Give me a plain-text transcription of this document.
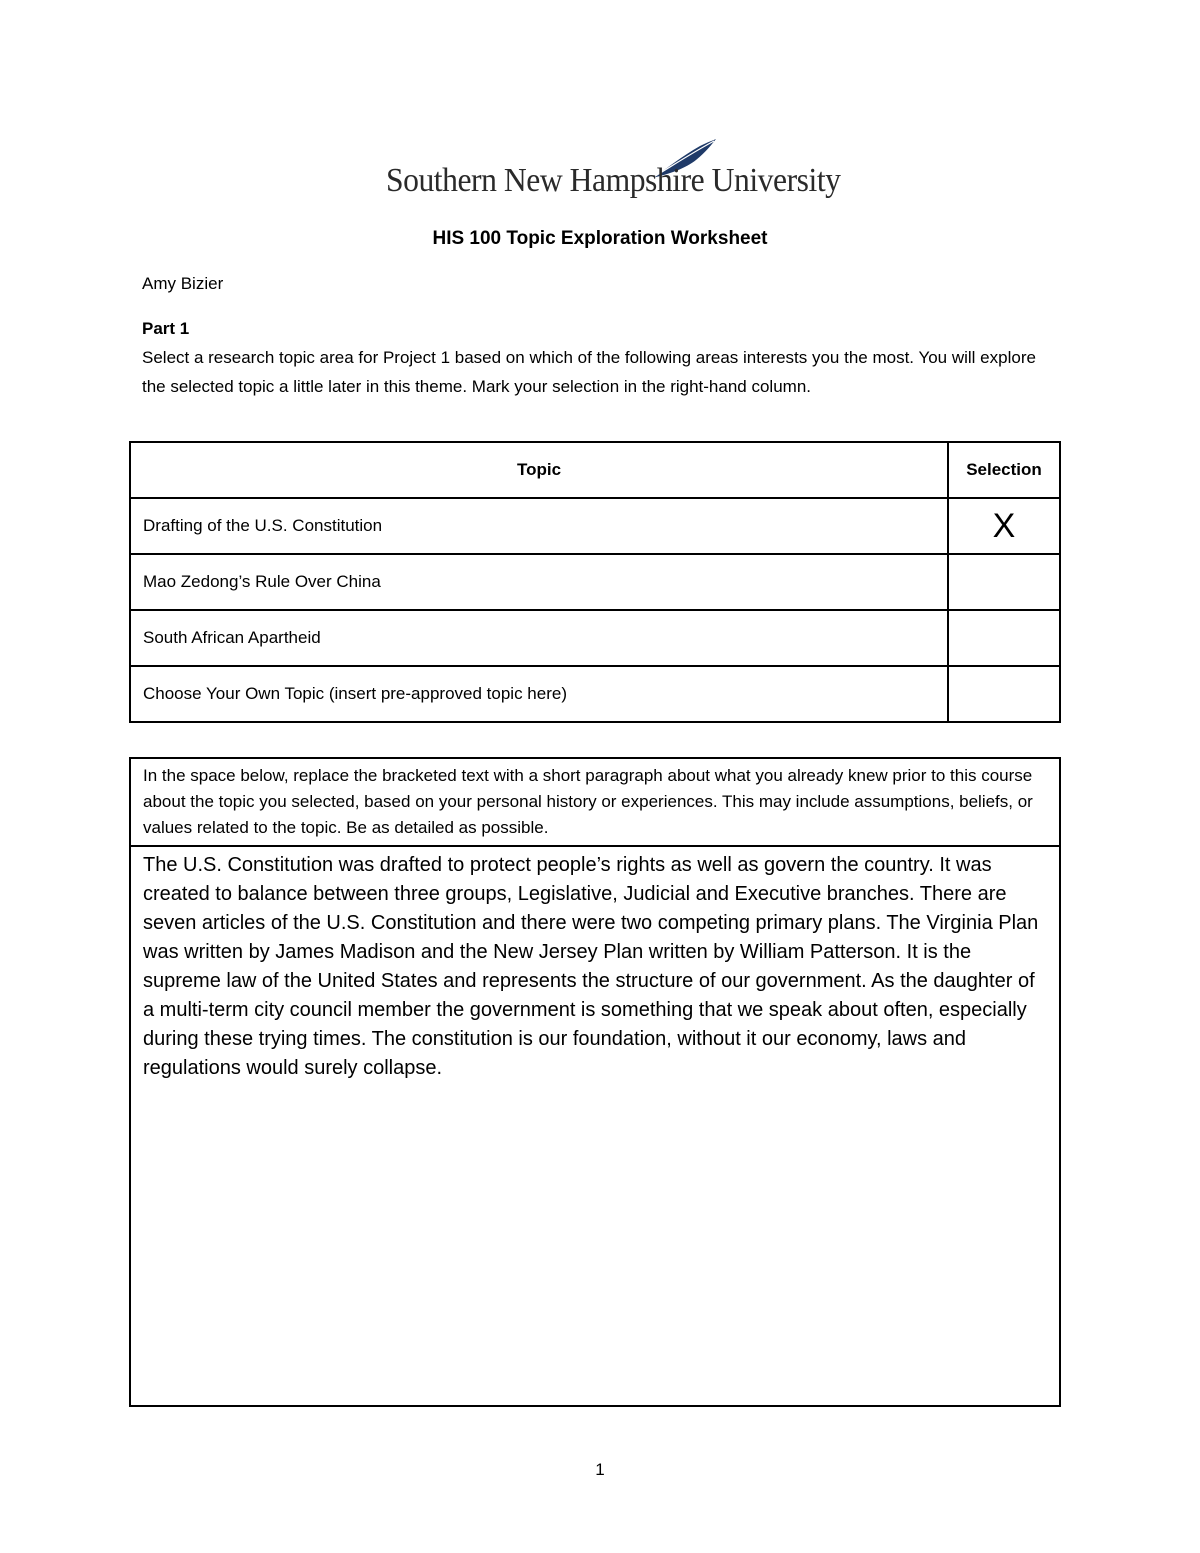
Southern New Hampshire University
HIS 100 Topic Exploration Worksheet
Amy Bizier
Part 1
Select a research topic area for Project 1 based on which of the following areas interests you the most. You will explore the selected topic a little later in this theme. Mark your selection in the right-hand column.
Topic	Selection
Drafting of the U.S. Constitution	X
Mao Zedong’s Rule Over China	
South African Apartheid	
Choose Your Own Topic (insert pre-approved topic here)	
In the space below, replace the bracketed text with a short paragraph about what you already knew prior to this course about the topic you selected, based on your personal history or experiences. This may include assumptions, beliefs, or values related to the topic. Be as detailed as possible.
The U.S. Constitution was drafted to protect people’s rights as well as govern the country. It was created to balance between three groups, Legislative, Judicial and Executive branches. There are seven articles of the U.S. Constitution and there were two competing primary plans. The Virginia Plan was written by James Madison and the New Jersey Plan written by William Patterson. It is the supreme law of the United States and represents the structure of our government. As the daughter of a multi-term city council member the government is something that we speak about often, especially during these trying times. The constitution is our foundation, without it our economy, laws and regulations would surely collapse.
1
